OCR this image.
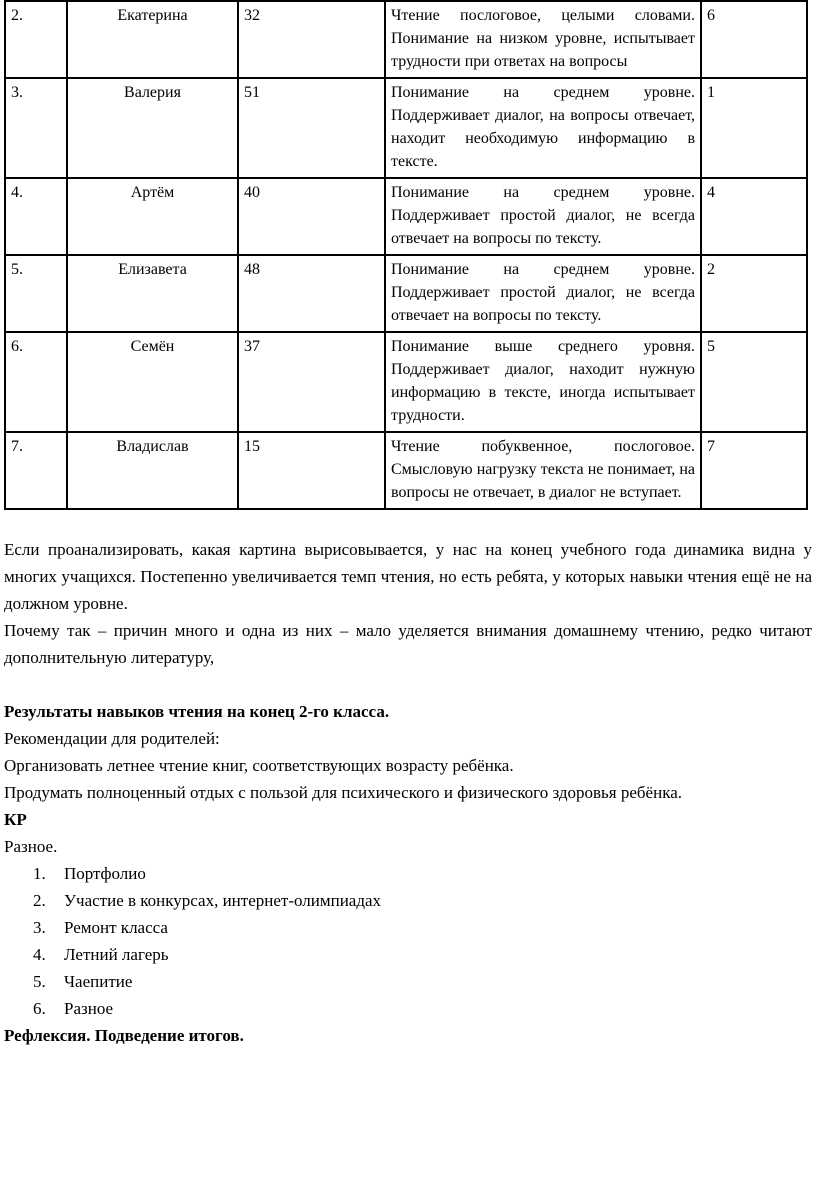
2.	Екатерина	32	Чтение послоговое, целыми словами. Понимание на низком уровне, испытывает трудности при ответах на вопросы	6
3.	Валерия	51	Понимание на среднем уровне. Поддерживает диалог, на вопросы отвечает, находит необходимую информацию в тексте.	1
4.	Артём	40	Понимание на среднем уровне. Поддерживает простой диалог, не всегда отвечает на вопросы по тексту.	4
5.	Елизавета	48	Понимание на среднем уровне. Поддерживает простой диалог, не всегда отвечает на вопросы по тексту.	2
6.	Семён	37	Понимание выше среднего уровня. Поддерживает диалог, находит нужную информацию в тексте, иногда испытывает трудности.	5
7.	Владислав	15	Чтение побуквенное, послоговое. Смысловую нагрузку текста не понимает, на вопросы не отвечает, в диалог не вступает.	7

Если проанализировать, какая картина вырисовывается, у нас на конец учебного года динамика видна у многих учащихся. Постепенно увеличивается темп чтения, но есть ребята, у которых навыки чтения ещё не на должном уровне.

Почему так – причин много и одна из них – мало уделяется внимания домашнему чтению, редко читают дополнительную литературу,

Результаты навыков чтения на конец 2-го класса.

Рекомендации для родителей:

Организовать летнее чтение книг, соответствующих возрасту ребёнка.

Продумать полноценный отдых с пользой для психического и физического здоровья ребёнка.

КР

Разное.

1. Портфолио
2. Участие в конкурсах, интернет-олимпиадах
3. Ремонт класса
4. Летний лагерь
5. Чаепитие
6. Разное

Рефлексия. Подведение итогов.
